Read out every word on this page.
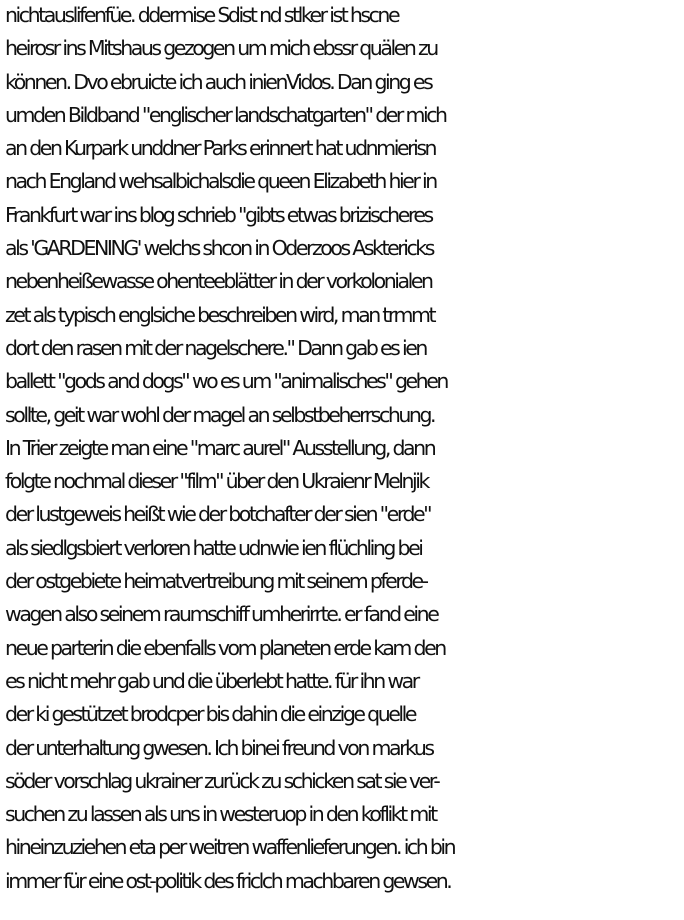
nichtauslifenfüe. ddermise Sdist nd stlker ist hscne

heirosr ins Mitshaus gezogen um mich ebssr quälen zu

können. Dvo ebruicte ich auch inienVidos. Dan ging es

umden Bildband "englischer landschatgarten" der mich

an den Kurpark unddner Parks erinnert hat udnmierisn

nach England wehsalbichalsdie queen Elizabeth hier in

Frankfurt war ins blog schrieb "gibts etwas brizischeres

als 'GARDENING' welchs shcon in Oderzoos Asktericks

nebenheißewasse ohenteeblätter in der vorkolonialen

zet als typisch englsiche beschreiben wird, man trmmt

dort den rasen mit der nagelschere." Dann gab es ien

ballett "gods and dogs" wo es um "animalisches" gehen

sollte, geit war wohl der magel an selbstbeherrschung.

In Trier zeigte man eine "marc aurel" Ausstellung, dann

folgte nochmal dieser "film" über den Ukraienr Melnjik

der lustgeweis heißt wie der botchafter der sien "erde"

als siedlgsbiert verloren hatte udnwie ien flüchling bei

der ostgebiete heimatvertreibung mit seinem pferde-

wagen also seinem raumschiff umherirrte. er fand eine

neue parterin die ebenfalls vom planeten erde kam den

es nicht mehr gab und die überlebt hatte. für ihn war

der ki gestützet brodcper bis dahin die einzige quelle

der unterhaltung gwesen. Ich binei freund von markus

söder vorschlag ukrainer zurück zu schicken sat sie ver-

suchen zu lassen als uns in westeruop in den koflikt mit

hineinzuziehen eta per weitren waffenlieferungen. ich bin

immer für eine ost-politik des friclch machbaren gewsen.
